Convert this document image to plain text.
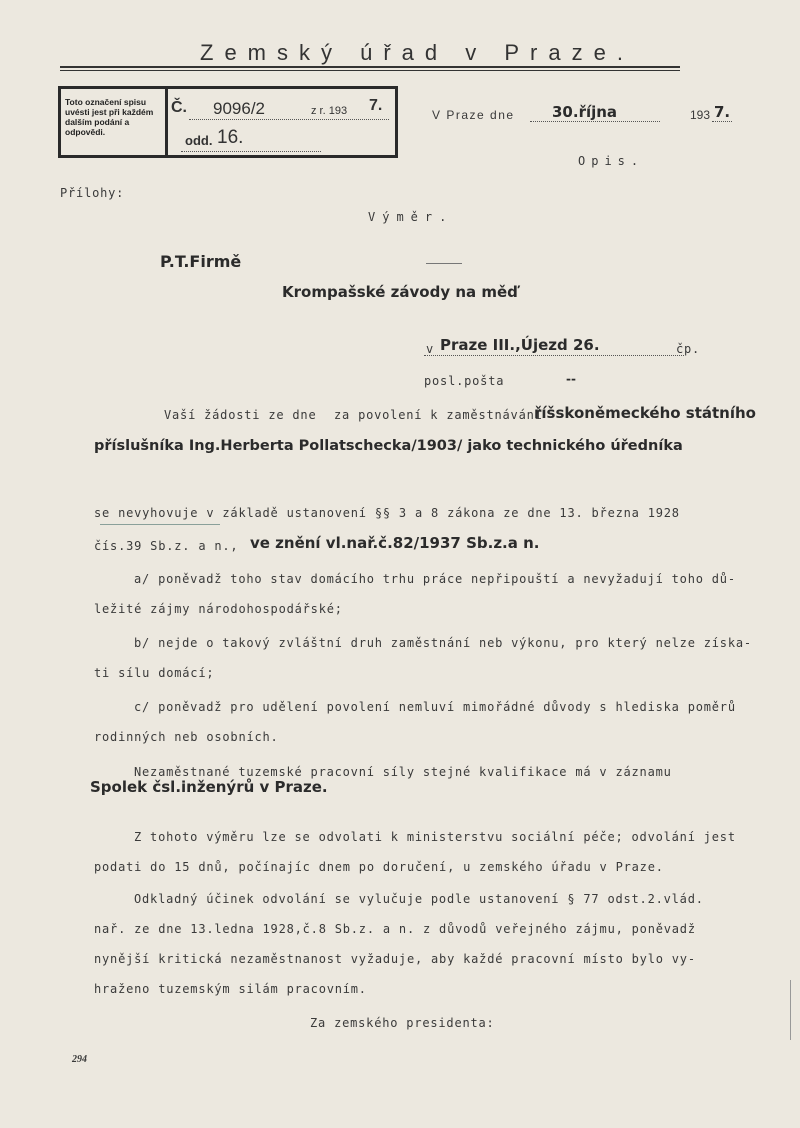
Zemský úřad v Praze.
Toto označení spisu uvésti jest při každém dalším podání a odpovědi.
Č. 9096/2	z r. 193 7.
odd. 16.
V Praze dne 30.října	193 7.
Opis.
Přílohy:
Výměr.
P.T.Firmě
Krompašské závody na měď
v Praze III.,Újezd 26.	čp.
posl.pošta	--
Vaší žádosti ze dne za povolení k zaměstnávání
říšskoněmeckého státního
příslušníka Ing.Herberta Pollatschecka/1903/ jako technického úředníka
se nevyhovuje v základě ustanovení §§ 3 a 8 zákona ze dne 13. března 1928
čís.39 Sb.z. a n., ve znění vl.nař.č.82/1937 Sb.z.a n.
a/ poněvadž toho stav domácího trhu práce nepřipouští a nevyžadují toho dů-
ležité zájmy národohospodářské;
b/ nejde o takový zvláštní druh zaměstnání neb výkonu, pro který nelze získa-
ti sílu domácí;
c/ poněvadž pro udělení povolení nemluví mimořádné důvody s hlediska poměrů
rodinných neb osobních.
Nezaměstnané tuzemské pracovní síly stejné kvalifikace má v záznamu
Spolek čsl.inženýrů v Praze.
Z tohoto výměru lze se odvolati k ministerstvu sociální péče; odvolání jest
podati do 15 dnů, počínajíc dnem po doručení, u zemského úřadu v Praze.
Odkladný účinek odvolání se vylučuje podle ustanovení § 77 odst.2.vlád.
nař. ze dne 13.ledna 1928,č.8 Sb.z. a n. z důvodů veřejného zájmu, poněvadž
nynější kritická nezaměstnanost vyžaduje, aby každé pracovní místo bylo vy-
hraženo tuzemským silám pracovním.
Za zemského presidenta:
294
